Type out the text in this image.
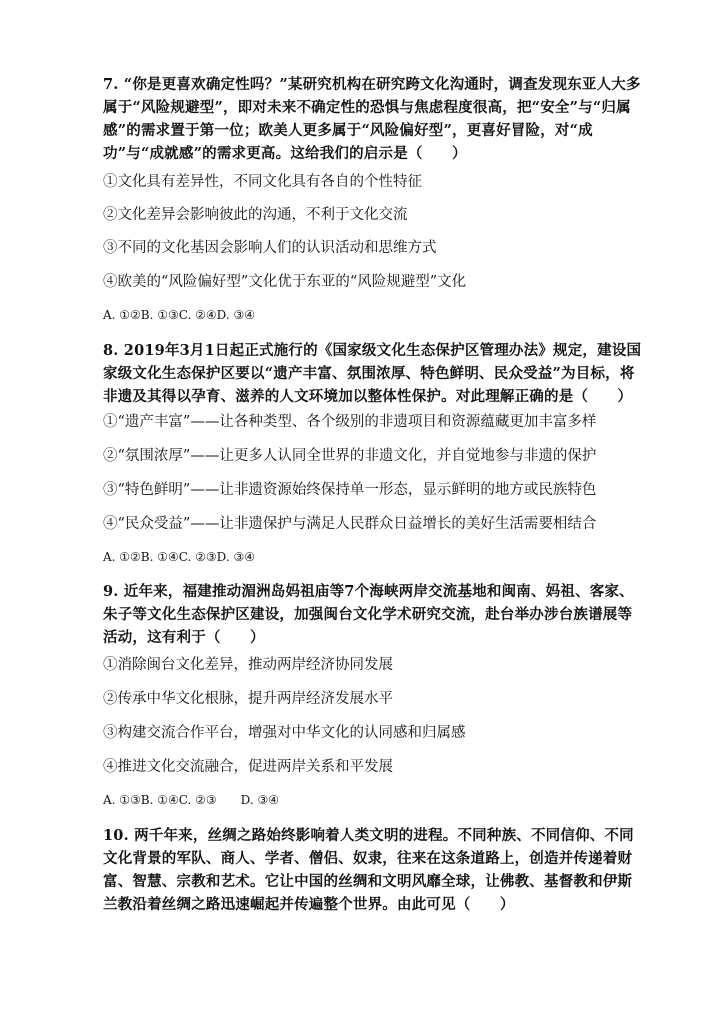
7. “你是更喜欢确定性吗？”某研究机构在研究跨文化沟通时，调查发现东亚人大多属于“风险规避型”，即对未来不确定性的恐惧与焦虑程度很高，把“安全”与“归属感”的需求置于第一位；欧美人更多属于“风险偏好型”，更喜好冒险，对“成功”与“成就感”的需求更高。这给我们的启示是（　　）
①文化具有差异性，不同文化具有各自的个性特征
②文化差异会影响彼此的沟通，不利于文化交流
③不同的文化基因会影响人们的认识活动和思维方式
④欧美的“风险偏好型”文化优于东亚的“风险规避型”文化
A. ①②B. ①③C. ②④D. ③④
8. 2019年3月1日起正式施行的《国家级文化生态保护区管理办法》规定，建设国家级文化生态保护区要以“遗产丰富、氛围浓厚、特色鲜明、民众受益”为目标，将非遗及其得以孕育、滋养的人文环境加以整体性保护。对此理解正确的是（　　）
①“遗产丰富”——让各种类型、各个级别的非遗项目和资源蕴藏更加丰富多样
②“氛围浓厚”——让更多人认同全世界的非遗文化，并自觉地参与非遗的保护
③“特色鲜明”——让非遗资源始终保持单一形态，显示鲜明的地方或民族特色
④“民众受益”——让非遗保护与满足人民群众日益增长的美好生活需要相结合
A. ①②B. ①④C. ②③D. ③④
9. 近年来，福建推动湄洲岛妈祖庙等7个海峡两岸交流基地和闽南、妈祖、客家、朱子等文化生态保护区建设，加强闽台文化学术研究交流，赴台举办涉台族谱展等活动，这有利于（　　）
①消除闽台文化差异，推动两岸经济协同发展
②传承中华文化根脉，提升两岸经济发展水平
③构建交流合作平台，增强对中华文化的认同感和归属感
④推进文化交流融合，促进两岸关系和平发展
A. ①③B. ①④C. ②③　　D. ③④
10. 两千年来，丝绸之路始终影响着人类文明的进程。不同种族、不同信仰、不同文化背景的军队、商人、学者、僧侣、奴隶，往来在这条道路上，创造并传递着财富、智慧、宗教和艺术。它让中国的丝绸和文明风靡全球，让佛教、基督教和伊斯兰教沿着丝绸之路迅速崛起并传遍整个世界。由此可见（　　）
